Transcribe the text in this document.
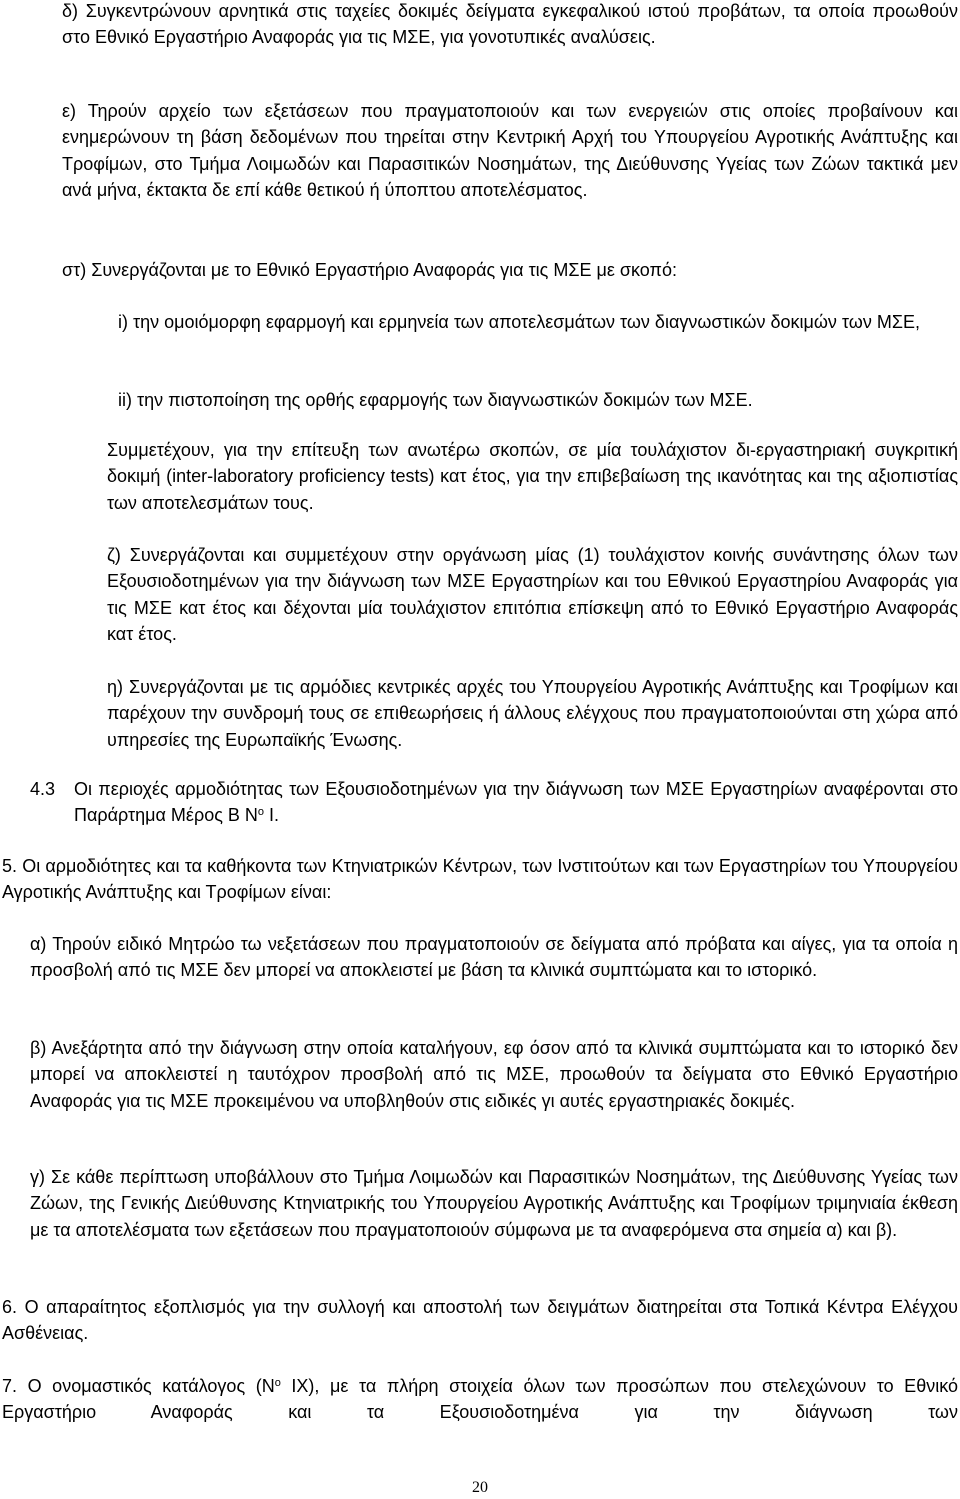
δ) Συγκεντρώνουν αρνητικά στις ταχείες δοκιμές δείγματα εγκεφαλικού ιστού προβάτων, τα οποία προωθούν στο Εθνικό Εργαστήριο Αναφοράς για τις ΜΣΕ, για γονοτυπικές αναλύσεις.

ε) Τηρούν αρχείο των εξετάσεων που πραγματοποιούν και των ενεργειών στις οποίες προβαίνουν και ενημερώνουν τη βάση δεδομένων που τηρείται στην Κεντρική Αρχή του Υπουργείου Αγροτικής Ανάπτυξης και Τροφίμων, στο Τμήμα Λοιμωδών και Παρασιτικών Νοσημάτων, της Διεύθυνσης Υγείας των Ζώων τακτικά μεν ανά μήνα, έκτακτα δε επί κάθε θετικού ή ύποπτου αποτελέσματος.

στ) Συνεργάζονται με το Εθνικό Εργαστήριο Αναφοράς για τις ΜΣΕ με σκοπό:

i) την ομοιόμορφη εφαρμογή και ερμηνεία των αποτελεσμάτων των διαγνωστικών δοκιμών των ΜΣΕ,

ii) την πιστοποίηση της ορθής εφαρμογής των διαγνωστικών δοκιμών των ΜΣΕ.

Συμμετέχουν, για την επίτευξη των ανωτέρω σκοπών, σε μία τουλάχιστον δι-εργαστηριακή συγκριτική δοκιμή (inter-laboratory proficiency tests) κατ έτος, για την επιβεβαίωση της ικανότητας και της αξιοπιστίας των αποτελεσμάτων τους.

ζ) Συνεργάζονται και συμμετέχουν στην οργάνωση μίας (1) τουλάχιστον κοινής συνάντησης όλων των Εξουσιοδοτημένων για την διάγνωση των ΜΣΕ Εργαστηρίων και του Εθνικού Εργαστηρίου Αναφοράς για τις ΜΣΕ κατ έτος και δέχονται μία τουλάχιστον επιτόπια επίσκεψη από το Εθνικό Εργαστήριο Αναφοράς κατ έτος.

η) Συνεργάζονται με τις αρμόδιες κεντρικές αρχές του Υπουργείου Αγροτικής Ανάπτυξης και Τροφίμων και παρέχουν την συνδρομή τους σε επιθεωρήσεις ή άλλους ελέγχους που πραγματοποιούνται στη χώρα από υπηρεσίες της Ευρωπαϊκής Ένωσης.

4.3 Οι περιοχές αρμοδιότητας των Εξουσιοδοτημένων για την διάγνωση των ΜΣΕ Εργαστηρίων αναφέρονται στο Παράρτημα Μέρος Β $N^o$ Ι.

5. Οι αρμοδιότητες και τα καθήκοντα των Κτηνιατρικών Κέντρων, των Ινστιτούτων και των Εργαστηρίων του Υπουργείου Αγροτικής Ανάπτυξης και Τροφίμων είναι:

α) Τηρούν ειδικό Μητρώο τω νεξετάσεων που πραγματοποιούν σε δείγματα από πρόβατα και αίγες, για τα οποία η προσβολή από τις ΜΣΕ δεν μπορεί να αποκλειστεί με βάση τα κλινικά συμπτώματα και το ιστορικό.

β) Ανεξάρτητα από την διάγνωση στην οποία καταλήγουν, εφ όσον από τα κλινικά συμπτώματα και το ιστορικό δεν μπορεί να αποκλειστεί η ταυτόχρον προσβολή από τις ΜΣΕ, προωθούν τα δείγματα στο Εθνικό Εργαστήριο Αναφοράς για τις ΜΣΕ προκειμένου να υποβληθούν στις ειδικές γι αυτές εργαστηριακές δοκιμές.

γ) Σε κάθε περίπτωση υποβάλλουν στο Τμήμα Λοιμωδών και Παρασιτικών Νοσημάτων, της Διεύθυνσης Υγείας των Ζώων, της Γενικής Διεύθυνσης Κτηνιατρικής του Υπουργείου Αγροτικής Ανάπτυξης και Τροφίμων τριμηνιαία έκθεση με τα αποτελέσματα των εξετάσεων που πραγματοποιούν σύμφωνα με τα αναφερόμενα στα σημεία α) και β).

6. Ο απαραίτητος εξοπλισμός για την συλλογή και αποστολή των δειγμάτων διατηρείται στα Τοπικά Κέντρα Ελέγχου Ασθένειας.

7. Ο ονομαστικός κατάλογος ($N^o$ IX), με τα πλήρη στοιχεία όλων των προσώπων που στελεχώνουν το Εθνικό Εργαστήριο Αναφοράς και τα Εξουσιοδοτημένα για την διάγνωση των

20
